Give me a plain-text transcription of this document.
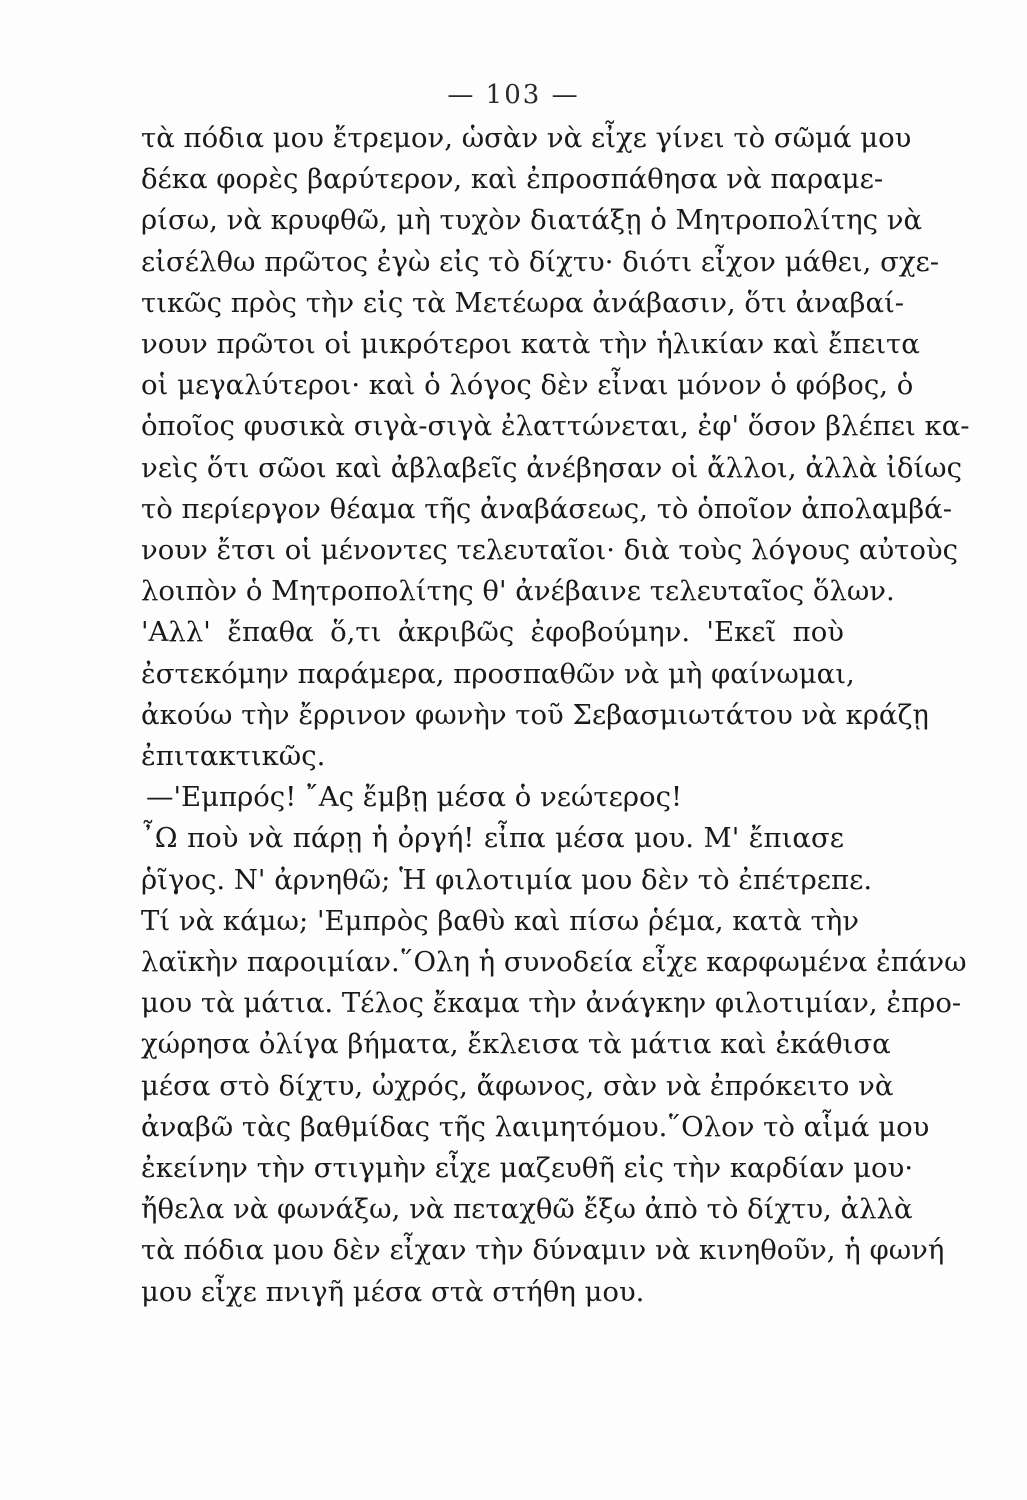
— 103 —
τὰ πόδια μου ἔτρεμον, ὡσὰν νὰ εἶχε γίνει τὸ σῶμά μου
δέκα φορὲς βαρύτερον, καὶ ἐπροσπάθησα νὰ παραμε-
ρίσω, νὰ κρυφθῶ, μὴ τυχὸν διατάξῃ ὁ Μητροπολίτης νὰ
εἰσέλθω πρῶτος ἐγὼ εἰς τὸ δίχτυ· διότι εἶχον μάθει, σχε-
τικῶς πρὸς τὴν εἰς τὰ Μετέωρα ἀνάβασιν, ὅτι ἀναβαί-
νουν πρῶτοι οἱ μικρότεροι κατὰ τὴν ἡλικίαν καὶ ἔπειτα
οἱ μεγαλύτεροι· καὶ ὁ λόγος δὲν εἶναι μόνον ὁ φόβος, ὁ
ὁποῖος φυσικὰ σιγὰ-σιγὰ ἐλαττώνεται, ἐφ' ὅσον βλέπει κα-
νεὶς ὅτι σῶοι καὶ ἀβλαβεῖς ἀνέβησαν οἱ ἄλλοι, ἀλλὰ ἰδίως
τὸ περίεργον θέαμα τῆς ἀναβάσεως, τὸ ὁποῖον ἀπολαμβά-
νουν ἔτσι οἱ μένοντες τελευταῖοι· διὰ τοὺς λόγους αὐτοὺς
λοιπὸν ὁ Μητροπολίτης θ' ἀνέβαινε τελευταῖος ὅλων.
'Αλλ' ἔπαθα ὅ,τι ἀκριβῶς ἐφοβούμην. 'Εκεῖ ποὺ
ἐστεκόμην παράμερα, προσπαθῶν νὰ μὴ φαίνωμαι,
ἀκούω τὴν ἔρρινον φωνὴν τοῦ Σεβασμιωτάτου νὰ κράζῃ
ἐπιτακτικῶς.
—'Εμπρός! ῎Ας ἔμβῃ μέσα ὁ νεώτερος!
῏Ω ποὺ νὰ πάρῃ ἡ ὀργή! εἶπα μέσα μου. Μ' ἔπιασε
ῥῖγος. Ν' ἀρνηθῶ; Ἡ φιλοτιμία μου δὲν τὸ ἐπέτρεπε.
Τί νὰ κάμω; 'Εμπρὸς βαθὺ καὶ πίσω ῥέμα, κατὰ τὴν
λαϊκὴν παροιμίαν.῞Ολη ἡ συνοδεία εἶχε καρφωμένα ἐπάνω
μου τὰ μάτια. Τέλος ἔκαμα τὴν ἀνάγκην φιλοτιμίαν, ἐπρο-
χώρησα ὀλίγα βήματα, ἔκλεισα τὰ μάτια καὶ ἐκάθισα
μέσα στὸ δίχτυ, ὠχρός, ἄφωνος, σὰν νὰ ἐπρόκειτο νὰ
ἀναβῶ τὰς βαθμίδας τῆς λαιμητόμου.῞Ολον τὸ αἷμά μου
ἐκείνην τὴν στιγμὴν εἶχε μαζευθῆ εἰς τὴν καρδίαν μου·
ἤθελα νὰ φωνάξω, νὰ πεταχθῶ ἔξω ἀπὸ τὸ δίχτυ, ἀλλὰ
τὰ πόδια μου δὲν εἶχαν τὴν δύναμιν νὰ κινηθοῦν, ἡ φωνή
μου εἶχε πνιγῆ μέσα στὰ στήθη μου.
